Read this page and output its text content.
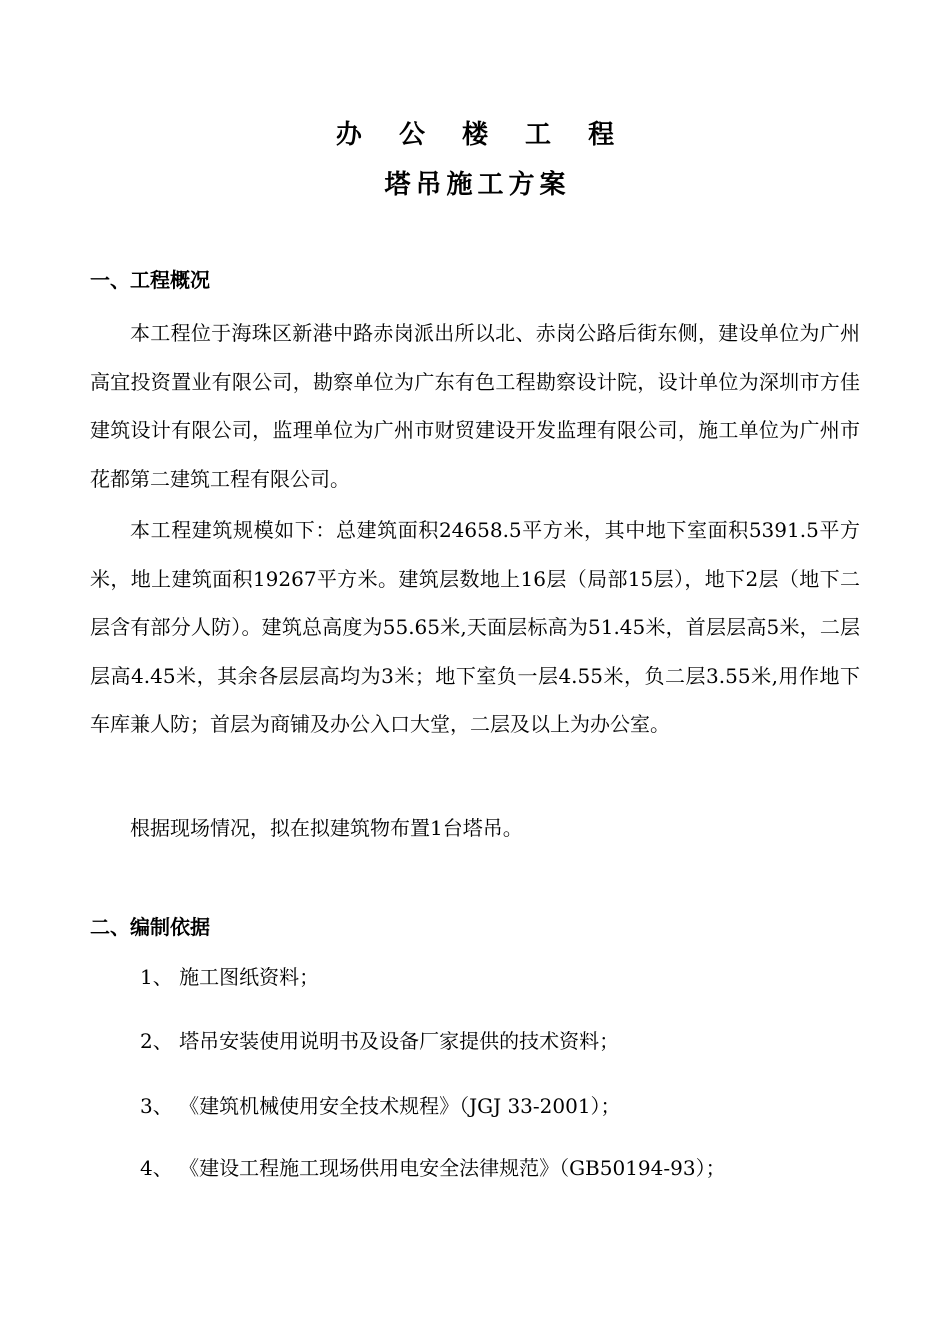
办 公 楼 工 程
塔吊施工方案
一、工程概况

本工程位于海珠区新港中路赤岗派出所以北、赤岗公路后街东侧，建设单位为广州高宜投资置业有限公司，勘察单位为广东有色工程勘察设计院，设计单位为深圳市方佳建筑设计有限公司，监理单位为广州市财贸建设开发监理有限公司，施工单位为广州市花都第二建筑工程有限公司。

本工程建筑规模如下：总建筑面积24658.5平方米，其中地下室面积5391.5平方米，地上建筑面积19267平方米。建筑层数地上16层（局部15层），地下2层（地下二层含有部分人防）。建筑总高度为55.65米,天面层标高为51.45米，首层层高5米，二层层高4.45米，其余各层层高均为3米；地下室负一层4.55米，负二层3.55米,用作地下车库兼人防；首层为商铺及办公入口大堂，二层及以上为办公室。

根据现场情况，拟在拟建筑物布置1台塔吊。

二、编制依据
1、 施工图纸资料；
2、 塔吊安装使用说明书及设备厂家提供的技术资料；
3、 《建筑机械使用安全技术规程》（JGJ 33-2001）；
4、 《建设工程施工现场供用电安全法律规范》（GB50194-93）；
